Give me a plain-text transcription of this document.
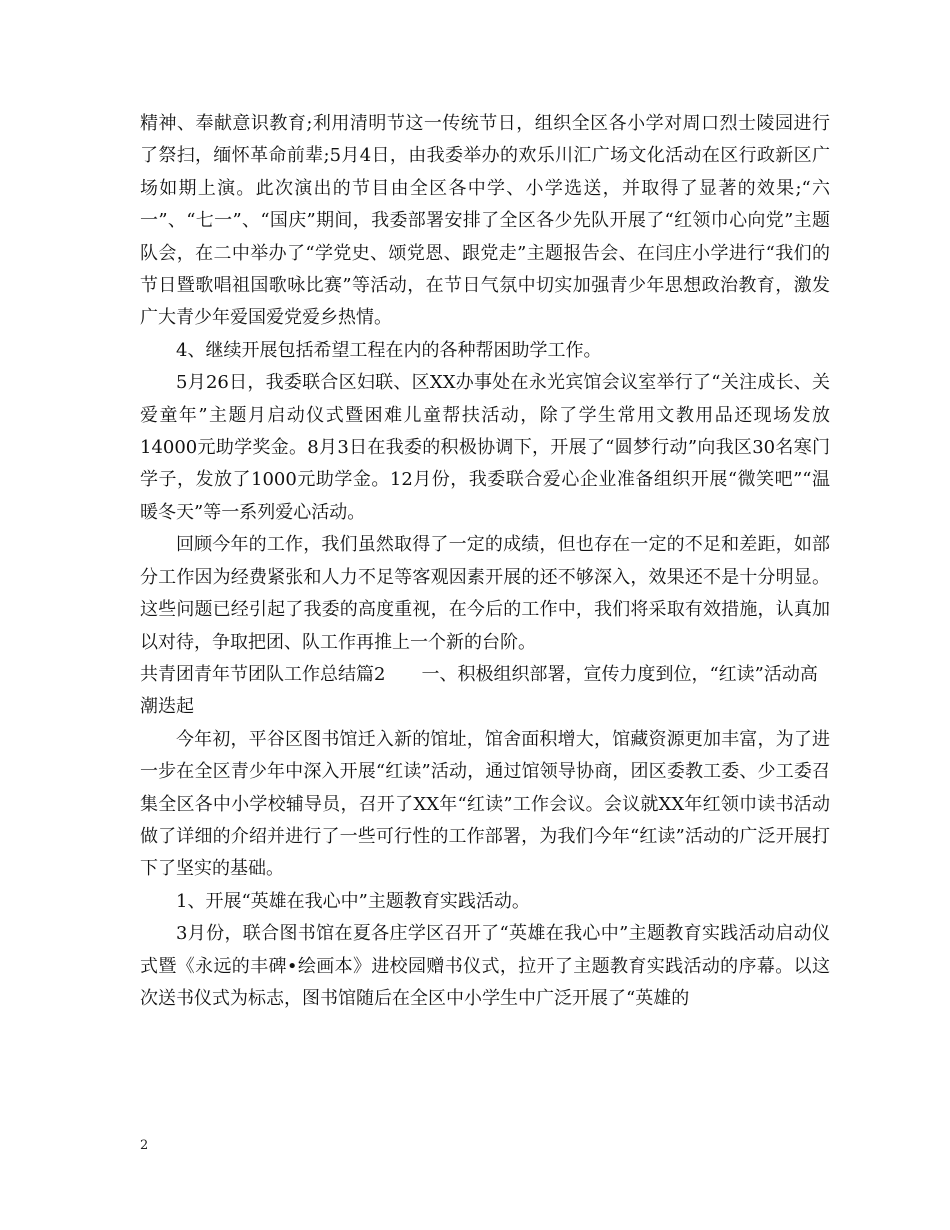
精神、奉献意识教育;利用清明节这一传统节日，组织全区各小学对周口烈士陵园进行了祭扫，缅怀革命前辈;5月4日，由我委举办的欢乐川汇广场文化活动在区行政新区广场如期上演。此次演出的节目由全区各中学、小学选送，并取得了显著的效果;“六一”、“七一”、“国庆”期间，我委部署安排了全区各少先队开展了“红领巾心向党”主题队会，在二中举办了“学党史、颂党恩、跟党走”主题报告会、在闫庄小学进行“我们的节日暨歌唱祖国歌咏比赛”等活动，在节日气氛中切实加强青少年思想政治教育，激发广大青少年爱国爱党爱乡热情。

4、继续开展包括希望工程在内的各种帮困助学工作。

5月26日，我委联合区妇联、区XX办事处在永光宾馆会议室举行了“关注成长、关爱童年”主题月启动仪式暨困难儿童帮扶活动，除了学生常用文教用品还现场发放14000元助学奖金。8月3日在我委的积极协调下，开展了“圆梦行动”向我区30名寒门学子，发放了1000元助学金。12月份，我委联合爱心企业准备组织开展“微笑吧”“温暖冬天”等一系列爱心活动。

回顾今年的工作，我们虽然取得了一定的成绩，但也存在一定的不足和差距，如部分工作因为经费紧张和人力不足等客观因素开展的还不够深入，效果还不是十分明显。这些问题已经引起了我委的高度重视，在今后的工作中，我们将采取有效措施，认真加以对待，争取把团、队工作再推上一个新的台阶。

共青团青年节团队工作总结篇2　　一、积极组织部署，宣传力度到位，“红读”活动高潮迭起

今年初，平谷区图书馆迁入新的馆址，馆舍面积增大，馆藏资源更加丰富，为了进一步在全区青少年中深入开展“红读”活动，通过馆领导协商，团区委教工委、少工委召集全区各中小学校辅导员，召开了XX年“红读”工作会议。会议就XX年红领巾读书活动做了详细的介绍并进行了一些可行性的工作部署，为我们今年“红读”活动的广泛开展打下了坚实的基础。

1、开展“英雄在我心中”主题教育实践活动。

3月份，联合图书馆在夏各庄学区召开了“英雄在我心中”主题教育实践活动启动仪式暨《永远的丰碑•绘画本》进校园赠书仪式，拉开了主题教育实践活动的序幕。以这次送书仪式为标志，图书馆随后在全区中小学生中广泛开展了“英雄的

2
